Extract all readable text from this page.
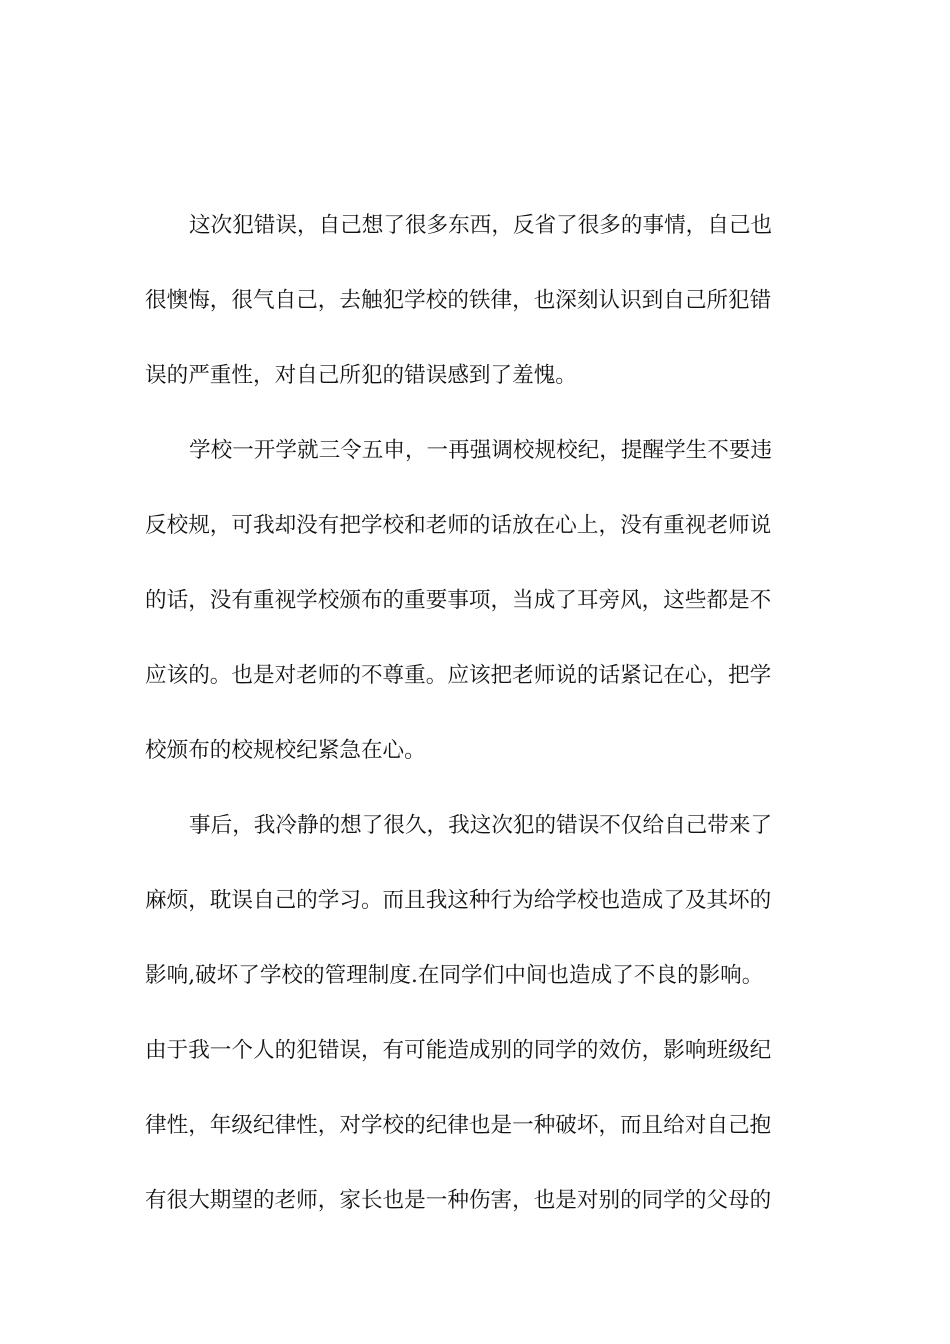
这次犯错误，自己想了很多东西，反省了很多的事情，自己也
很懊悔，很气自己，去触犯学校的铁律，也深刻认识到自己所犯错
误的严重性，对自己所犯的错误感到了羞愧。
学校一开学就三令五申，一再强调校规校纪，提醒学生不要违
反校规，可我却没有把学校和老师的话放在心上，没有重视老师说
的话，没有重视学校颁布的重要事项，当成了耳旁风，这些都是不
应该的。也是对老师的不尊重。应该把老师说的话紧记在心，把学
校颁布的校规校纪紧急在心。
事后，我冷静的想了很久，我这次犯的错误不仅给自己带来了
麻烦，耽误自己的学习。而且我这种行为给学校也造成了及其坏的
影响,破坏了学校的管理制度.在同学们中间也造成了不良的影响。
由于我一个人的犯错误，有可能造成别的同学的效仿，影响班级纪
律性，年级纪律性，对学校的纪律也是一种破坏，而且给对自己抱
有很大期望的老师，家长也是一种伤害，也是对别的同学的父母的
